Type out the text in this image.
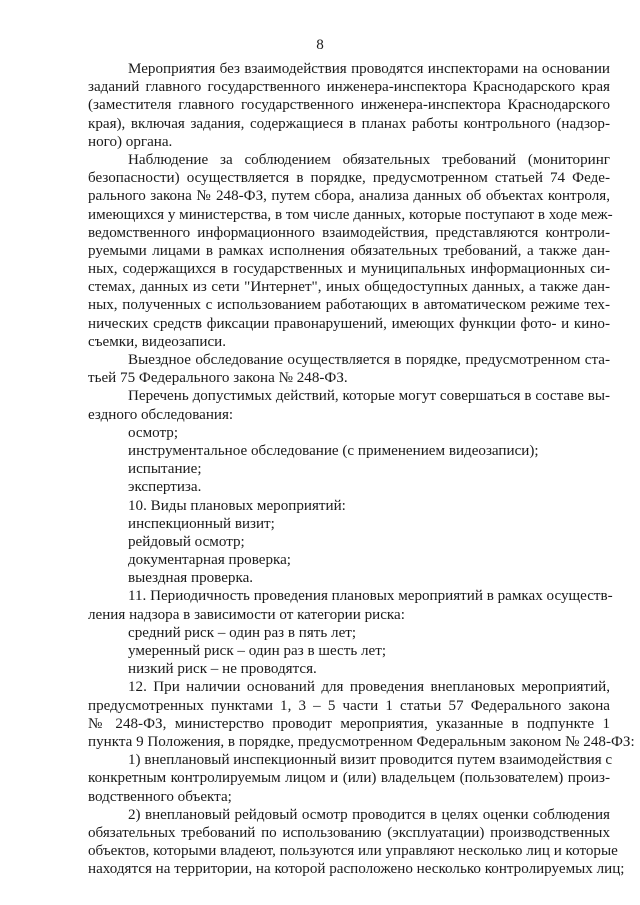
8
Мероприятия без взаимодействия проводятся инспекторами на основании
заданий главного государственного инженера-инспектора Краснодарского края
(заместителя главного государственного инженера-инспектора Краснодарского
края), включая задания, содержащиеся в планах работы контрольного (надзор-
ного) органа.
Наблюдение за соблюдением обязательных требований (мониторинг
безопасности) осуществляется в порядке, предусмотренном статьей 74 Феде-
рального закона № 248-ФЗ, путем сбора, анализа данных об объектах контроля,
имеющихся у министерства, в том числе данных, которые поступают в ходе меж-
ведомственного информационного взаимодействия, представляются контроли-
руемыми лицами в рамках исполнения обязательных требований, а также дан-
ных, содержащихся в государственных и муниципальных информационных си-
стемах, данных из сети "Интернет", иных общедоступных данных, а также дан-
ных, полученных с использованием работающих в автоматическом режиме тех-
нических средств фиксации правонарушений, имеющих функции фото- и кино-
съемки, видеозаписи.
Выездное обследование осуществляется в порядке, предусмотренном ста-
тьей 75 Федерального закона № 248-ФЗ.
Перечень допустимых действий, которые могут совершаться в составе вы-
ездного обследования:
осмотр;
инструментальное обследование (с применением видеозаписи);
испытание;
экспертиза.
10. Виды плановых мероприятий:
инспекционный визит;
рейдовый осмотр;
документарная проверка;
выездная проверка.
11. Периодичность проведения плановых мероприятий в рамках осуществ-
ления надзора в зависимости от категории риска:
средний риск – один раз в пять лет;
умеренный риск – один раз в шесть лет;
низкий риск – не проводятся.
12. При наличии оснований для проведения внеплановых мероприятий,
предусмотренных пунктами 1, 3 – 5 части 1 статьи 57 Федерального закона
№ 248-ФЗ, министерство проводит мероприятия, указанные в подпункте 1
пункта 9 Положения, в порядке, предусмотренном Федеральным законом № 248-ФЗ:
1) внеплановый инспекционный визит проводится путем взаимодействия с
конкретным контролируемым лицом и (или) владельцем (пользователем) произ-
водственного объекта;
2) внеплановый рейдовый осмотр проводится в целях оценки соблюдения
обязательных требований по использованию (эксплуатации) производственных
объектов, которыми владеют, пользуются или управляют несколько лиц и которые
находятся на территории, на которой расположено несколько контролируемых лиц;
